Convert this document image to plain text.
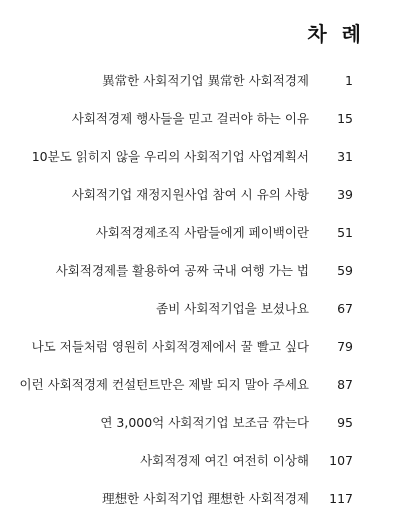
차 례
異常한 사회적기업 異常한 사회적경제	1
사회적경제 행사들을 믿고 걸러야 하는 이유 15
10분도 읽히지 않을 우리의 사회적기업 사업계획서 31
사회적기업 재정지원사업 참여 시 유의 사항 39
사회적경제조직 사람들에게 페이백이란 51
사회적경제를 활용하여 공짜 국내 여행 가는 법 59
좀비 사회적기업을 보셨나요 67
나도 저들처럼 영원히 사회적경제에서 꿀 빨고 싶다 79
이런 사회적경제 컨설턴트만은 제발 되지 말아 주세요 87
연 3,000억 사회적기업 보조금 깎는다 95
사회적경제 여긴 여전히 이상해 107
理想한 사회적기업 理想한 사회적경제 117
